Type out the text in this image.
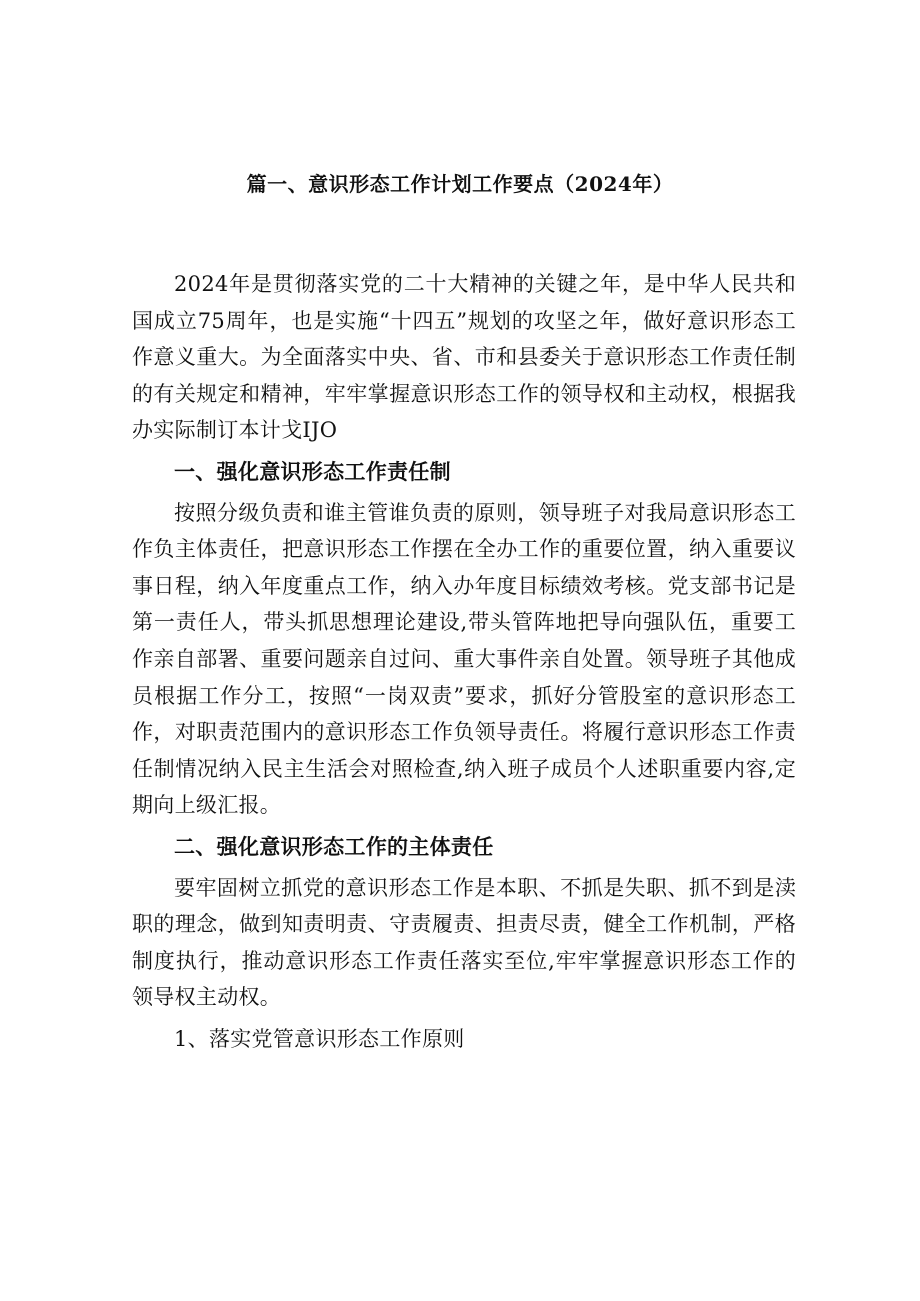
篇一、意识形态工作计划工作要点（2024年）

2024年是贯彻落实党的二十大精神的关键之年，是中华人民共和国成立75周年，也是实施“十四五”规划的攻坚之年，做好意识形态工作意义重大。为全面落实中央、省、市和县委关于意识形态工作责任制的有关规定和精神，牢牢掌握意识形态工作的领导权和主动权，根据我办实际制订本计戈IJO

一、强化意识形态工作责任制

按照分级负责和谁主管谁负责的原则，领导班子对我局意识形态工作负主体责任，把意识形态工作摆在全办工作的重要位置，纳入重要议事日程，纳入年度重点工作，纳入办年度目标绩效考核。党支部书记是第一责任人，带头抓思想理论建设,带头管阵地把导向强队伍，重要工作亲自部署、重要问题亲自过问、重大事件亲自处置。领导班子其他成员根据工作分工，按照“一岗双责”要求，抓好分管股室的意识形态工作，对职责范围内的意识形态工作负领导责任。将履行意识形态工作责任制情况纳入民主生活会对照检查,纳入班子成员个人述职重要内容,定期向上级汇报。

二、强化意识形态工作的主体责任

要牢固树立抓党的意识形态工作是本职、不抓是失职、抓不到是渎职的理念，做到知责明责、守责履责、担责尽责，健全工作机制，严格制度执行，推动意识形态工作责任落实至位,牢牢掌握意识形态工作的领导权主动权。

1、落实党管意识形态工作原则
